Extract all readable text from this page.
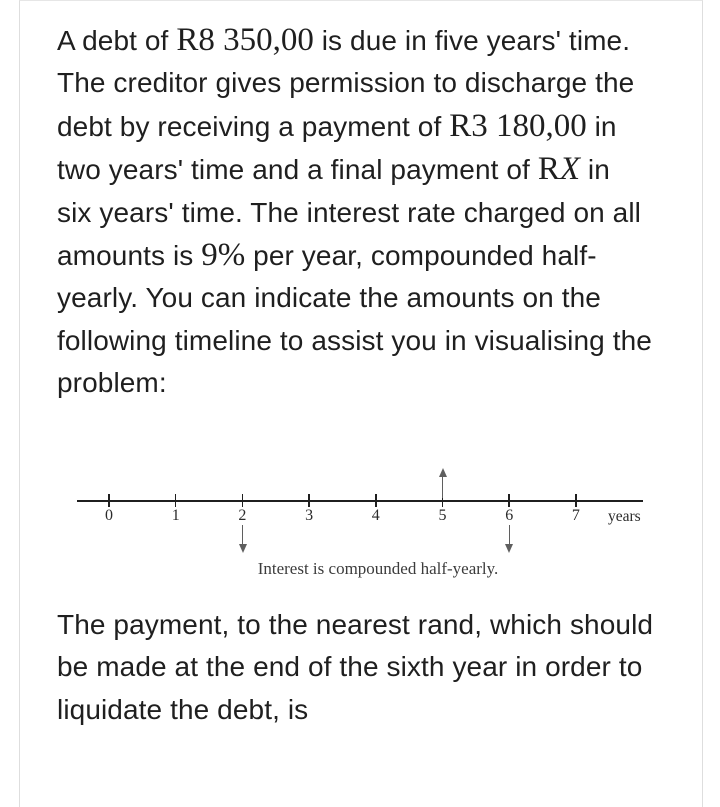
A debt of R8 350,00 is due in five years' time.
The creditor gives permission to discharge the
debt by receiving a payment of R3 180,00 in
two years' time and a final payment of RX in
six years' time. The interest rate charged on all
amounts is 9% per year, compounded half-
yearly. You can indicate the amounts on the
following timeline to assist you in visualising the
problem:
0	1	2	3	4	5	6	7	years
Interest is compounded half-yearly.
The payment, to the nearest rand, which should
be made at the end of the sixth year in order to
liquidate the debt, is
